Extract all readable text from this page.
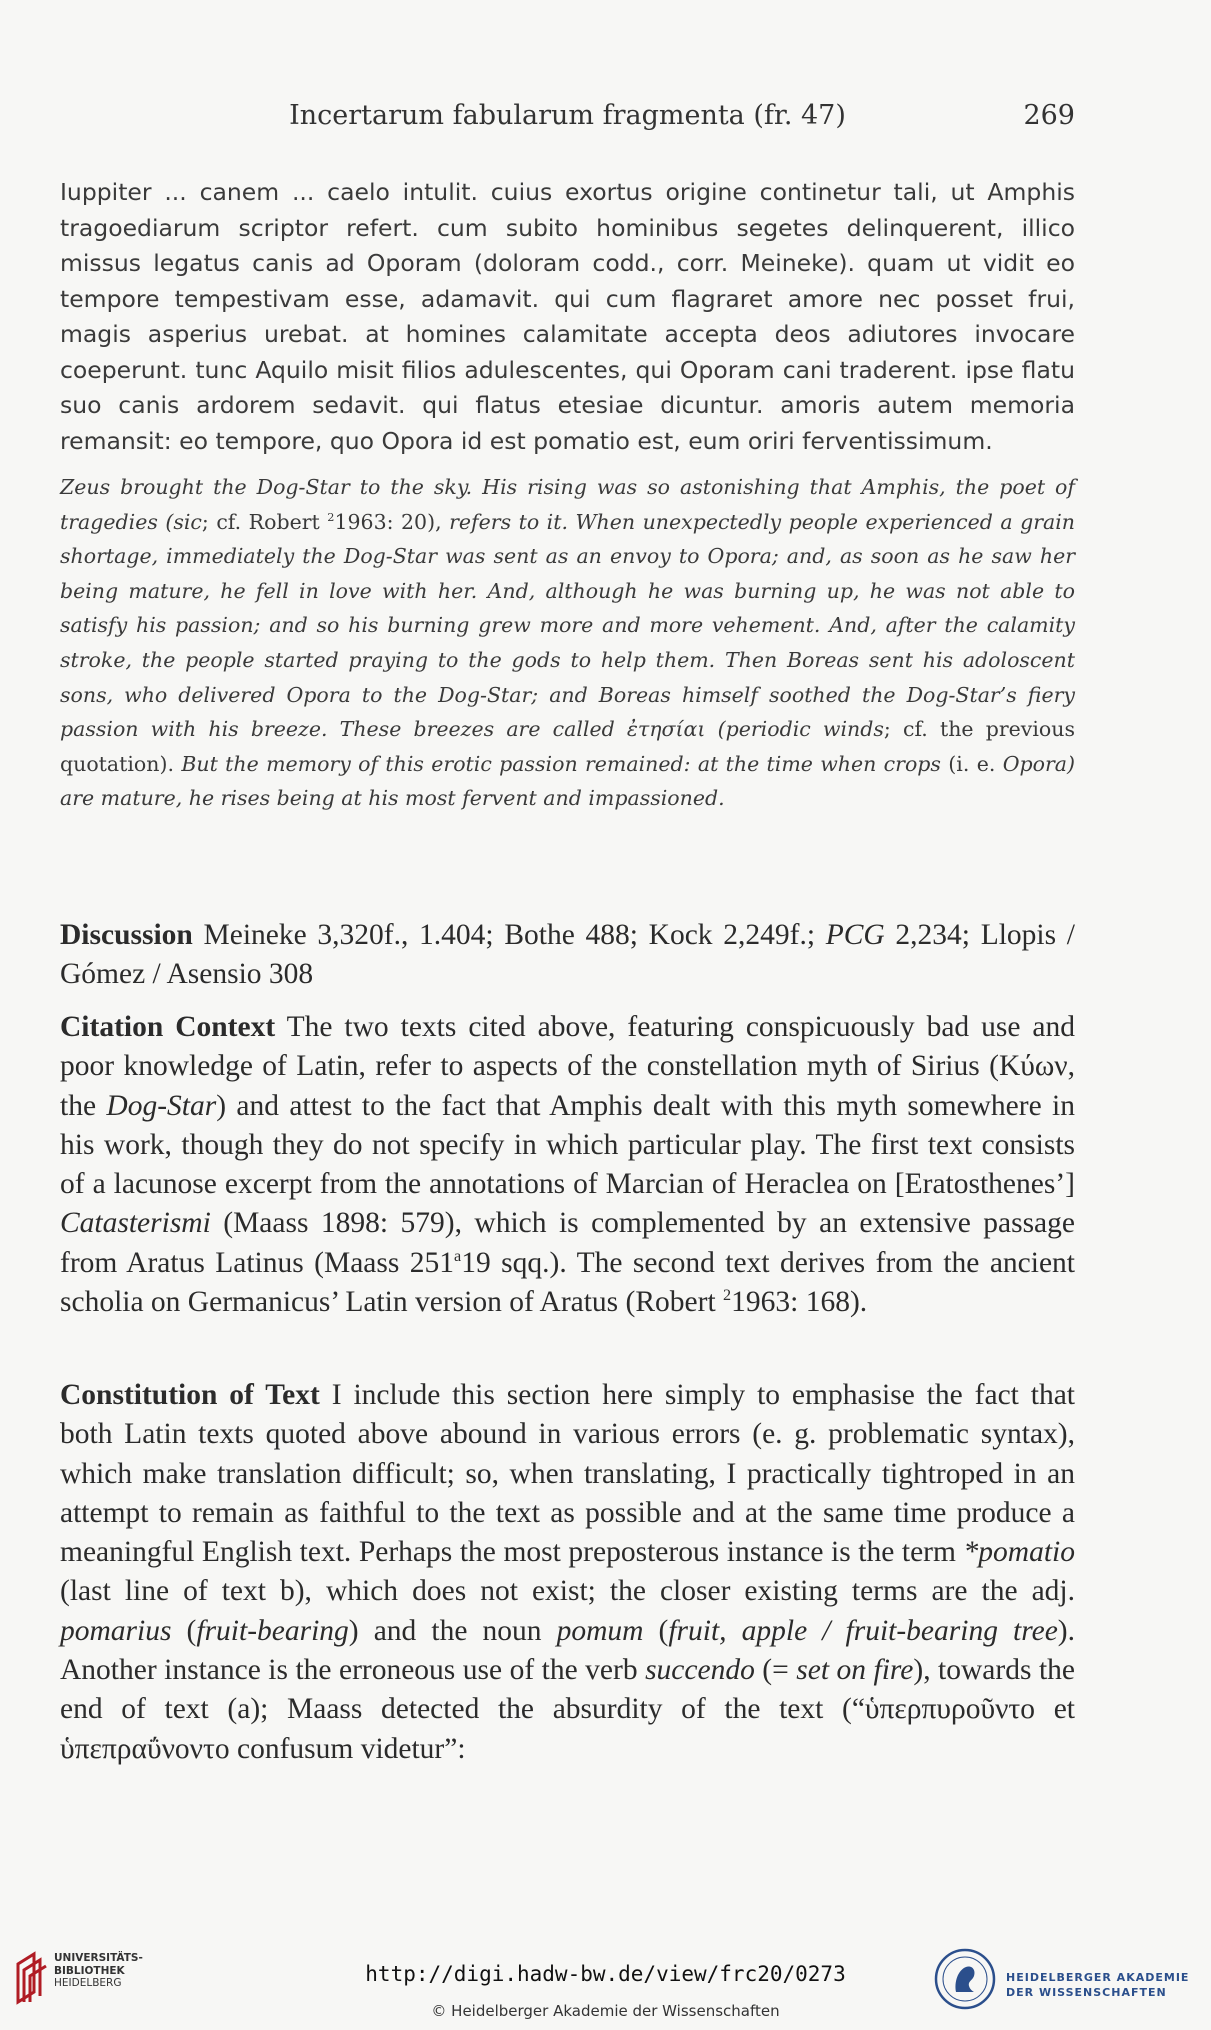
Incertarum fabularum fragmenta (fr. 47)	269
Iuppiter ... canem ... caelo intulit. cuius exortus origine continetur tali, ut Amphis tragoediarum scriptor refert. cum subito hominibus segetes delinquerent, illico missus legatus canis ad Oporam (doloram codd., corr. Meineke). quam ut vidit eo tempore tempestivam esse, adamavit. qui cum flagraret amore nec posset frui, magis asperius urebat. at homines calamitate accepta deos adiutores invocare coeperunt. tunc Aquilo misit filios adulescentes, qui Oporam cani traderent. ipse flatu suo canis ardorem sedavit. qui flatus etesiae dicuntur. amoris autem memoria remansit: eo tempore, quo Opora id est pomatio est, eum oriri ferventissimum.
Zeus brought the Dog-Star to the sky. His rising was so astonishing that Amphis, the poet of tragedies (sic; cf. Robert $^2$1963: 20), refers to it. When unexpectedly people experienced a grain shortage, immediately the Dog-Star was sent as an envoy to Opora; and, as soon as he saw her being mature, he fell in love with her. And, although he was burning up, he was not able to satisfy his passion; and so his burning grew more and more vehement. And, after the calamity stroke, the people started praying to the gods to help them. Then Boreas sent his adoloscent sons, who delivered Opora to the Dog-Star; and Boreas himself soothed the Dog-Star’s fiery passion with his breeze. These breezes are called ἐτησίαι (periodic winds; cf. the previous quotation). But the memory of this erotic passion remained: at the time when crops (i. e. Opora) are mature, he rises being at his most fervent and impassioned.
Discussion Meineke 3,320f., 1.404; Bothe 488; Kock 2,249f.; PCG 2,234; Llopis / Gómez / Asensio 308
Citation Context The two texts cited above, featuring conspicuously bad use and poor knowledge of Latin, refer to aspects of the constellation myth of Sirius (Κύων, the Dog-Star) and attest to the fact that Amphis dealt with this myth somewhere in his work, though they do not specify in which particular play. The first text consists of a lacunose excerpt from the annotations of Marcian of Heraclea on [Eratosthenes’] Catasterismi (Maass 1898: 579), which is complemented by an extensive passage from Aratus Latinus (Maass 251$^a$19 sqq.). The second text derives from the ancient scholia on Germanicus’ Latin version of Aratus (Robert $^2$1963: 168).
Constitution of Text I include this section here simply to emphasise the fact that both Latin texts quoted above abound in various errors (e. g. problematic syntax), which make translation difficult; so, when translating, I practically tightroped in an attempt to remain as faithful to the text as possible and at the same time produce a meaningful English text. Perhaps the most preposterous instance is the term *pomatio (last line of text b), which does not exist; the closer existing terms are the adj. pomarius (fruit-bearing) and the noun pomum (fruit, apple / fruit-bearing tree). Another instance is the erroneous use of the verb succendo (= set on fire), towards the end of text (a); Maass detected the absurdity of the text (“ὑπερπυροῦντο et ὑπεπραΰνοντο confusum videtur”:
UNIVERSITÄTS-
BIBLIOTHEK
HEIDELBERG	http://digi.hadw-bw.de/view/frc20/0273
© Heidelberger Akademie der Wissenschaften
HEIDELBERGER AKADEMIE
DER WISSENSCHAFTEN
